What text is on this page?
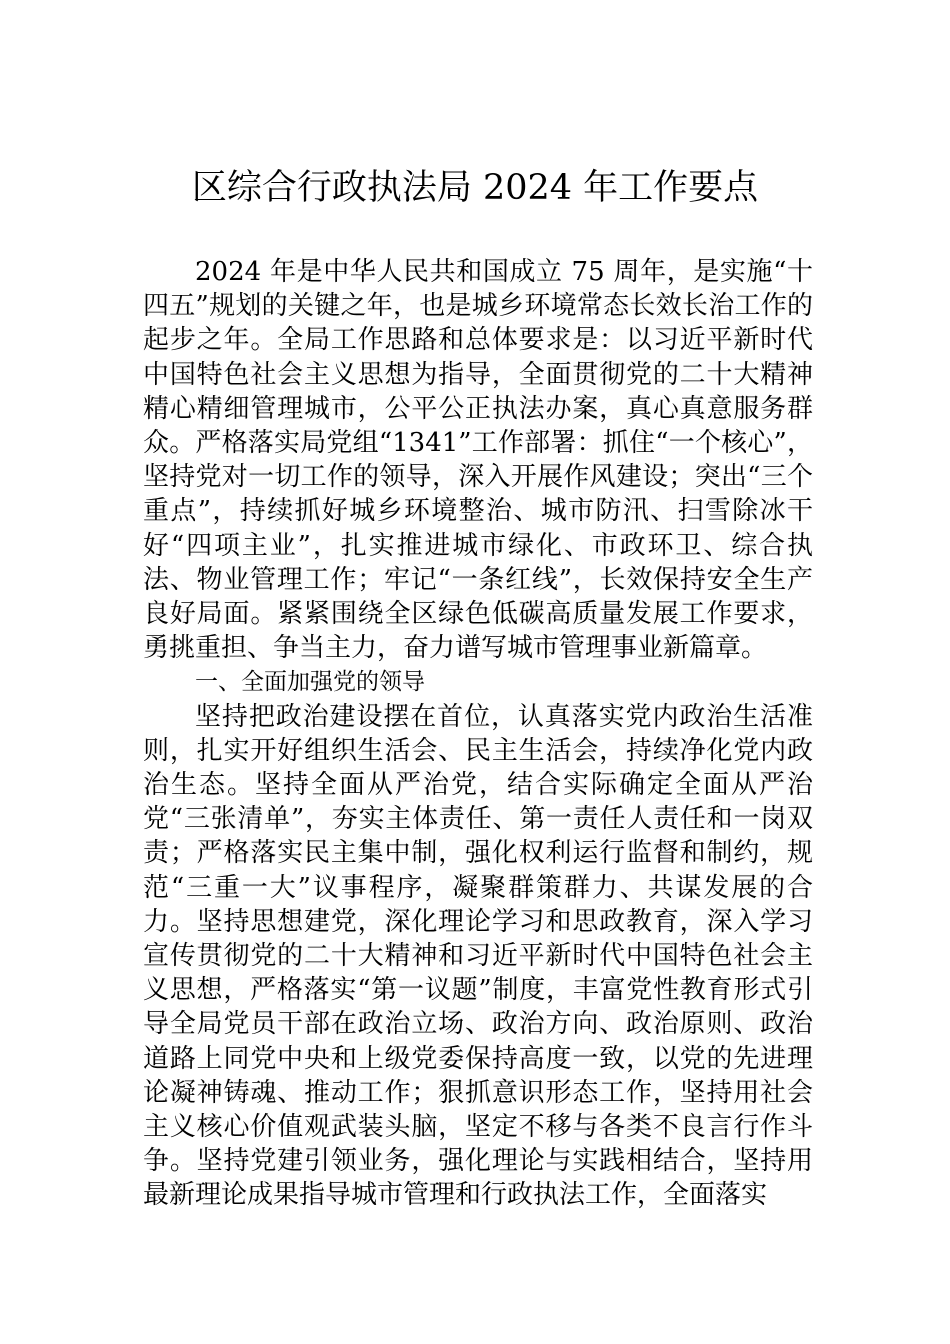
区综合行政执法局 2024 年工作要点

2024 年是中华人民共和国成立 75 周年，是实施“十四五”规划的关键之年，也是城乡环境常态长效长治工作的起步之年。全局工作思路和总体要求是：以习近平新时代中国特色社会主义思想为指导，全面贯彻党的二十大精神精心精细管理城市，公平公正执法办案，真心真意服务群众。严格落实局党组“1341”工作部署：抓住“一个核心”，坚持党对一切工作的领导，深入开展作风建设；突出“三个重点”，持续抓好城乡环境整治、城市防汛、扫雪除冰干好“四项主业”，扎实推进城市绿化、市政环卫、综合执法、物业管理工作；牢记“一条红线”，长效保持安全生产良好局面。紧紧围绕全区绿色低碳高质量发展工作要求，勇挑重担、争当主力，奋力谱写城市管理事业新篇章。

一、全面加强党的领导

坚持把政治建设摆在首位，认真落实党内政治生活准则，扎实开好组织生活会、民主生活会，持续净化党内政治生态。坚持全面从严治党，结合实际确定全面从严治党“三张清单”，夯实主体责任、第一责任人责任和一岗双责；严格落实民主集中制，强化权利运行监督和制约，规范“三重一大”议事程序，凝聚群策群力、共谋发展的合力。坚持思想建党，深化理论学习和思政教育，深入学习宣传贯彻党的二十大精神和习近平新时代中国特色社会主义思想，严格落实“第一议题”制度，丰富党性教育形式引导全局党员干部在政治立场、政治方向、政治原则、政治道路上同党中央和上级党委保持高度一致，以党的先进理论凝神铸魂、推动工作；狠抓意识形态工作，坚持用社会主义核心价值观武装头脑，坚定不移与各类不良言行作斗争。坚持党建引领业务，强化理论与实践相结合，坚持用最新理论成果指导城市管理和行政执法工作，全面落实
